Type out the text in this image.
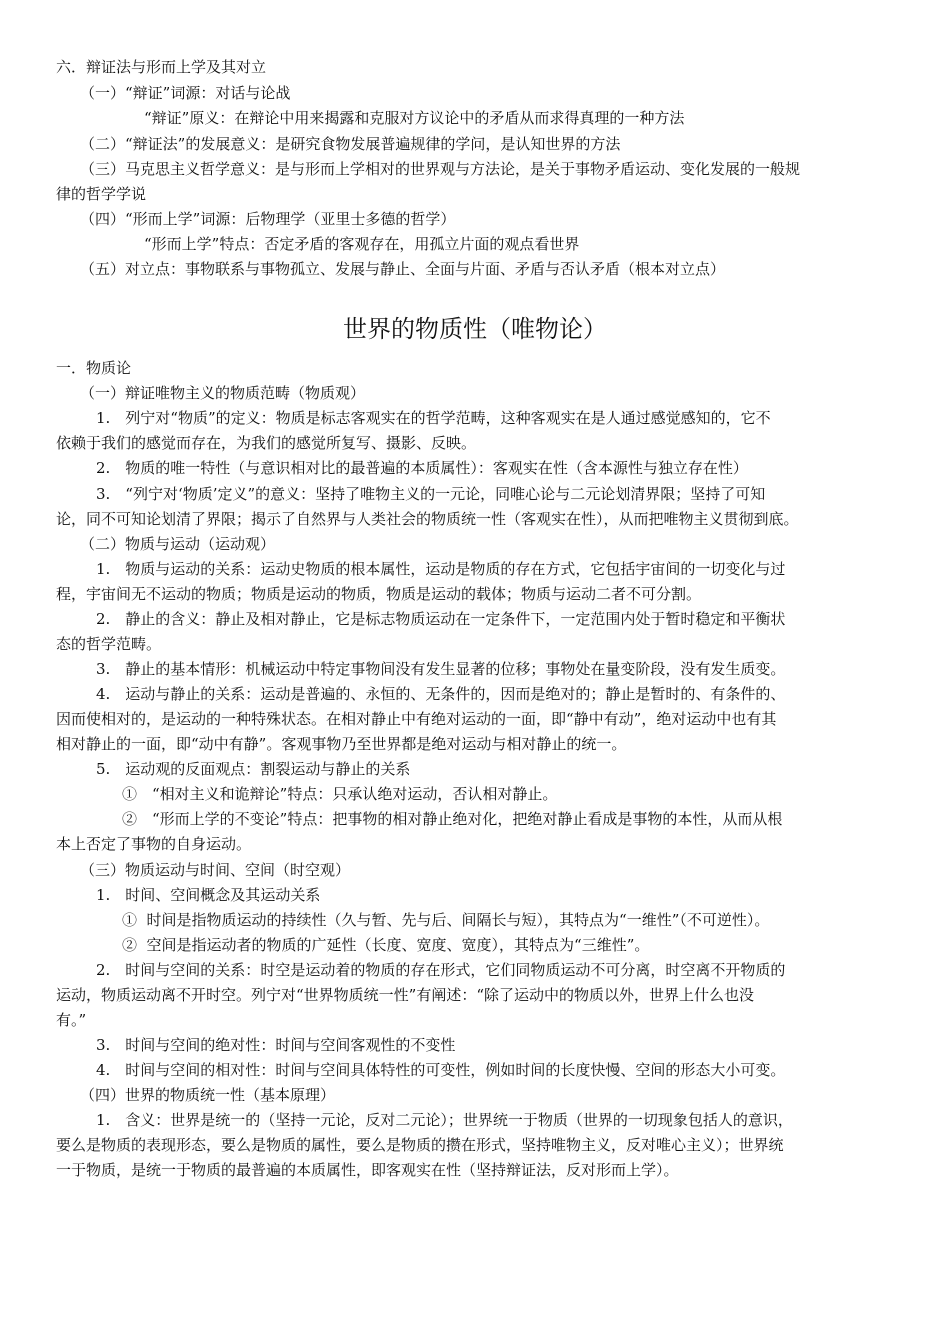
六．辩证法与形而上学及其对立
（一）“辩证”词源：对话与论战
“辩证”原义：在辩论中用来揭露和克服对方议论中的矛盾从而求得真理的一种方法
（二）“辩证法”的发展意义：是研究食物发展普遍规律的学问，是认知世界的方法
（三）马克思主义哲学意义：是与形而上学相对的世界观与方法论，是关于事物矛盾运动、变化发展的一般规
律的哲学学说
（四）“形而上学”词源：后物理学（亚里士多德的哲学）
“形而上学”特点：否定矛盾的客观存在，用孤立片面的观点看世界
（五）对立点：事物联系与事物孤立、发展与静止、全面与片面、矛盾与否认矛盾（根本对立点）
世界的物质性（唯物论）
一．物质论
（一）辩证唯物主义的物质范畴（物质观）
1.　列宁对“物质”的定义：物质是标志客观实在的哲学范畴，这种客观实在是人通过感觉感知的，它不
依赖于我们的感觉而存在，为我们的感觉所复写、摄影、反映。
2.　物质的唯一特性（与意识相对比的最普遍的本质属性）：客观实在性（含本源性与独立存在性）
3.　“列宁对‘物质’定义”的意义：坚持了唯物主义的一元论，同唯心论与二元论划清界限；坚持了可知
论，同不可知论划清了界限；揭示了自然界与人类社会的物质统一性（客观实在性），从而把唯物主义贯彻到底。
（二）物质与运动（运动观）
1.　物质与运动的关系：运动史物质的根本属性，运动是物质的存在方式，它包括宇宙间的一切变化与过
程，宇宙间无不运动的物质；物质是运动的物质，物质是运动的载体；物质与运动二者不可分割。
2.　静止的含义：静止及相对静止，它是标志物质运动在一定条件下，一定范围内处于暂时稳定和平衡状
态的哲学范畴。
3.　静止的基本情形：机械运动中特定事物间没有发生显著的位移；事物处在量变阶段，没有发生质变。
4.　运动与静止的关系：运动是普遍的、永恒的、无条件的，因而是绝对的；静止是暂时的、有条件的、
因而使相对的，是运动的一种特殊状态。在相对静止中有绝对运动的一面，即“静中有动”，绝对运动中也有其
相对静止的一面，即“动中有静”。客观事物乃至世界都是绝对运动与相对静止的统一。
5.　运动观的反面观点：割裂运动与静止的关系
①　“相对主义和诡辩论”特点：只承认绝对运动，否认相对静止。
②　“形而上学的不变论”特点：把事物的相对静止绝对化，把绝对静止看成是事物的本性，从而从根
本上否定了事物的自身运动。
（三）物质运动与时间、空间（时空观）
1.　时间、空间概念及其运动关系
①  时间是指物质运动的持续性（久与暂、先与后、间隔长与短），其特点为“一维性”（不可逆性）。
②  空间是指运动者的物质的广延性（长度、宽度、宽度），其特点为“三维性”。
2.　时间与空间的关系：时空是运动着的物质的存在形式，它们同物质运动不可分离，时空离不开物质的
运动，物质运动离不开时空。列宁对“世界物质统一性”有阐述：“除了运动中的物质以外，世界上什么也没
有。”
3.　时间与空间的绝对性：时间与空间客观性的不变性
4.　时间与空间的相对性：时间与空间具体特性的可变性，例如时间的长度快慢、空间的形态大小可变。
（四）世界的物质统一性（基本原理）
1.　含义：世界是统一的（坚持一元论，反对二元论）；世界统一于物质（世界的一切现象包括人的意识，
要么是物质的表现形态，要么是物质的属性，要么是物质的攒在形式，坚持唯物主义，反对唯心主义）；世界统
一于物质，是统一于物质的最普遍的本质属性，即客观实在性（坚持辩证法，反对形而上学）。
